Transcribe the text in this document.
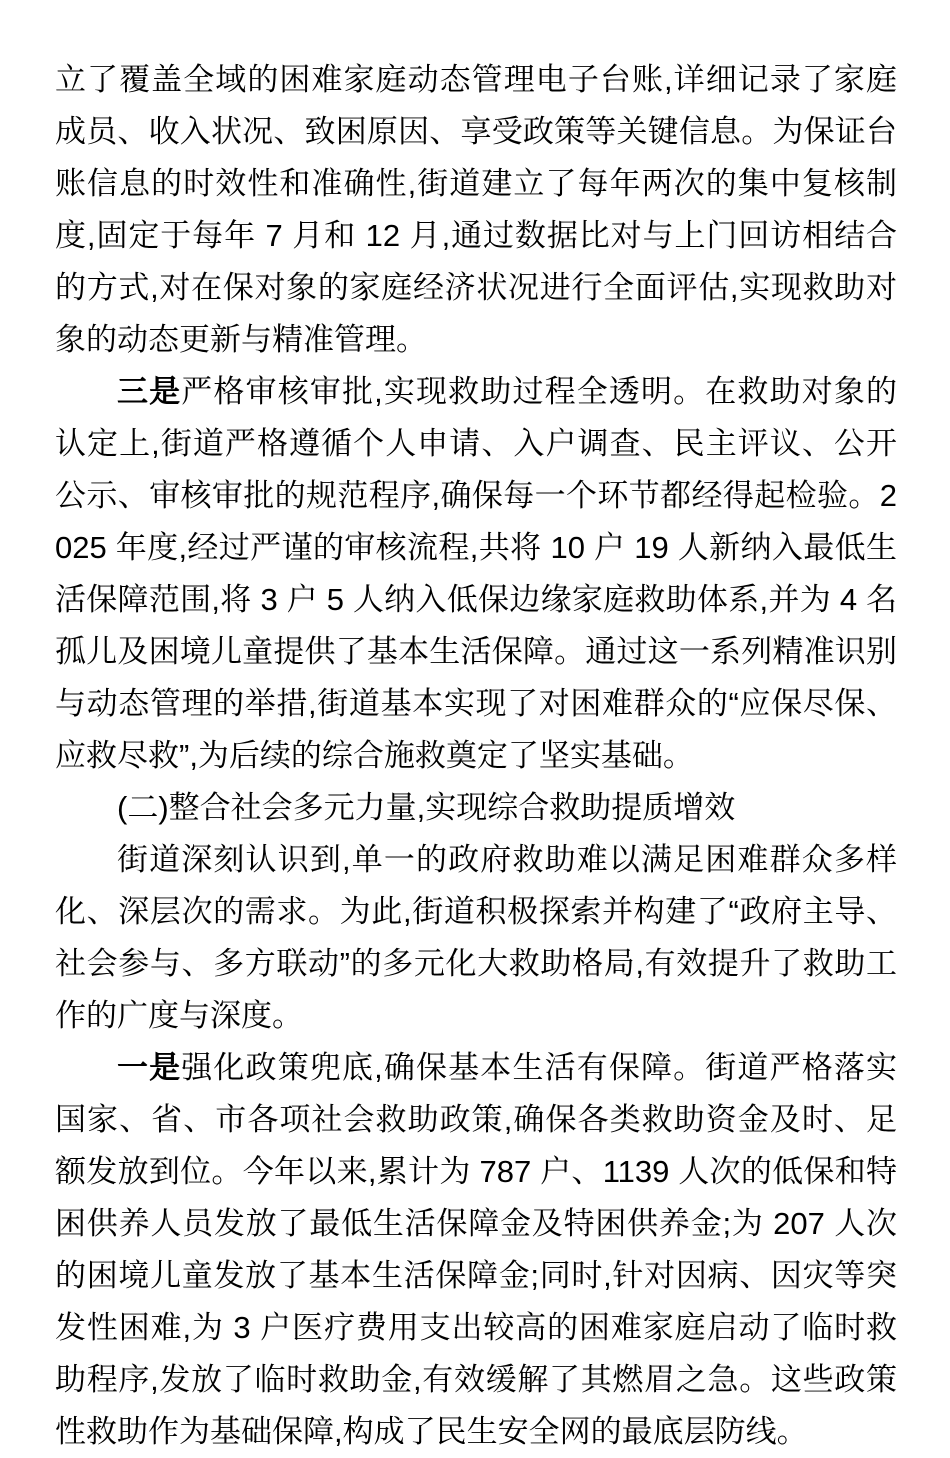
立了覆盖全域的困难家庭动态管理电子台账,详细记录了家庭成员、收入状况、致困原因、享受政策等关键信息。为保证台账信息的时效性和准确性,街道建立了每年两次的集中复核制度,固定于每年 7 月和 12 月,通过数据比对与上门回访相结合的方式,对在保对象的家庭经济状况进行全面评估,实现救助对象的动态更新与精准管理。

三是严格审核审批,实现救助过程全透明。在救助对象的认定上,街道严格遵循个人申请、入户调查、民主评议、公开公示、审核审批的规范程序,确保每一个环节都经得起检验。2025 年度,经过严谨的审核流程,共将 10 户 19 人新纳入最低生活保障范围,将 3 户 5 人纳入低保边缘家庭救助体系,并为 4 名孤儿及困境儿童提供了基本生活保障。通过这一系列精准识别与动态管理的举措,街道基本实现了对困难群众的“应保尽保、应救尽救”,为后续的综合施救奠定了坚实基础。

(二)整合社会多元力量,实现综合救助提质增效

街道深刻认识到,单一的政府救助难以满足困难群众多样化、深层次的需求。为此,街道积极探索并构建了“政府主导、社会参与、多方联动”的多元化大救助格局,有效提升了救助工作的广度与深度。

一是强化政策兜底,确保基本生活有保障。街道严格落实国家、省、市各项社会救助政策,确保各类救助资金及时、足额发放到位。今年以来,累计为 787 户、1139 人次的低保和特困供养人员发放了最低生活保障金及特困供养金;为 207 人次的困境儿童发放了基本生活保障金;同时,针对因病、因灾等突发性困难,为 3 户医疗费用支出较高的困难家庭启动了临时救助程序,发放了临时救助金,有效缓解了其燃眉之急。这些政策性救助作为基础保障,构成了民生安全网的最底层防线。
